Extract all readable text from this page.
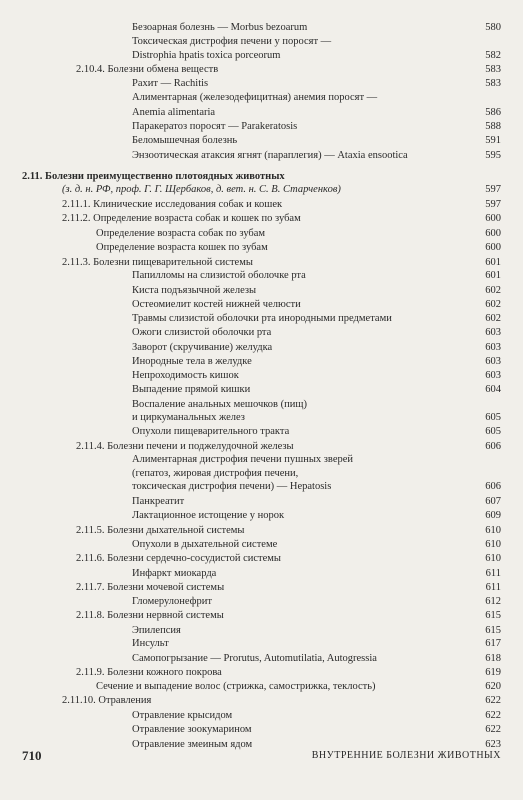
Безоарная болезнь — Morbus bezoarum	580
Токсическая дистрофия печени у поросят —
Distrophia hpatis toxica porceorum	582
2.10.4. Болезни обмена веществ	583
Рахит — Rachitis	583
Алиментарная (железодефицитная) анемия поросят —
Anemia alimentaria	586
Паракератоз поросят — Parakeratosis	588
Беломышечная болезнь	591
Энзоотическая атаксия ягнят (параплегия) — Ataxia ensootica	595
2.11. Болезни преимущественно плотоядных животных
(з. д. н. РФ, проф. Г. Г. Щербаков, д. вет. н. С. В. Старченков)	597
2.11.1. Клинические исследования собак и кошек	597
2.11.2. Определение возраста собак и кошек по зубам	600
Определение возраста собак по зубам	600
Определение возраста кошек по зубам	600
2.11.3. Болезни пищеварительной системы	601
Папилломы на слизистой оболочке рта	601
Киста подъязычной железы	602
Остеомиелит костей нижней челюсти	602
Травмы слизистой оболочки рта инородными предметами	602
Ожоги слизистой оболочки рта	603
Заворот (скручивание) желудка	603
Инородные тела в желудке	603
Непроходимость кишок	603
Выпадение прямой кишки	604
Воспаление анальных мешочков (пищ)
и циркуманальных желез	605
Опухоли пищеварительного тракта	605
2.11.4. Болезни печени и поджелудочной железы	606
Алиментарная дистрофия печени пушных зверей
(гепатоз, жировая дистрофия печени,
токсическая дистрофия печени) — Hepatosis	606
Панкреатит	607
Лактационное истощение у норок	609
2.11.5. Болезни дыхательной системы	610
Опухоли в дыхательной системе	610
2.11.6. Болезни сердечно-сосудистой системы	610
Инфаркт миокарда	611
2.11.7. Болезни мочевой системы	611
Гломерулонефрит	612
2.11.8. Болезни нервной системы	615
Эпилепсия	615
Инсульт	617
Самопогрызание — Prorutus, Automutilatia, Autogressia	618
2.11.9. Болезни кожного покрова	619
Сечение и выпадение волос (стрижка, самострижка, теклость)	620
2.11.10. Отравления	622
Отравление крысидом	622
Отравление зоокумарином	622
Отравление змеиным ядом	623
710	ВНУТРЕННИЕ БОЛЕЗНИ ЖИВОТНЫХ
